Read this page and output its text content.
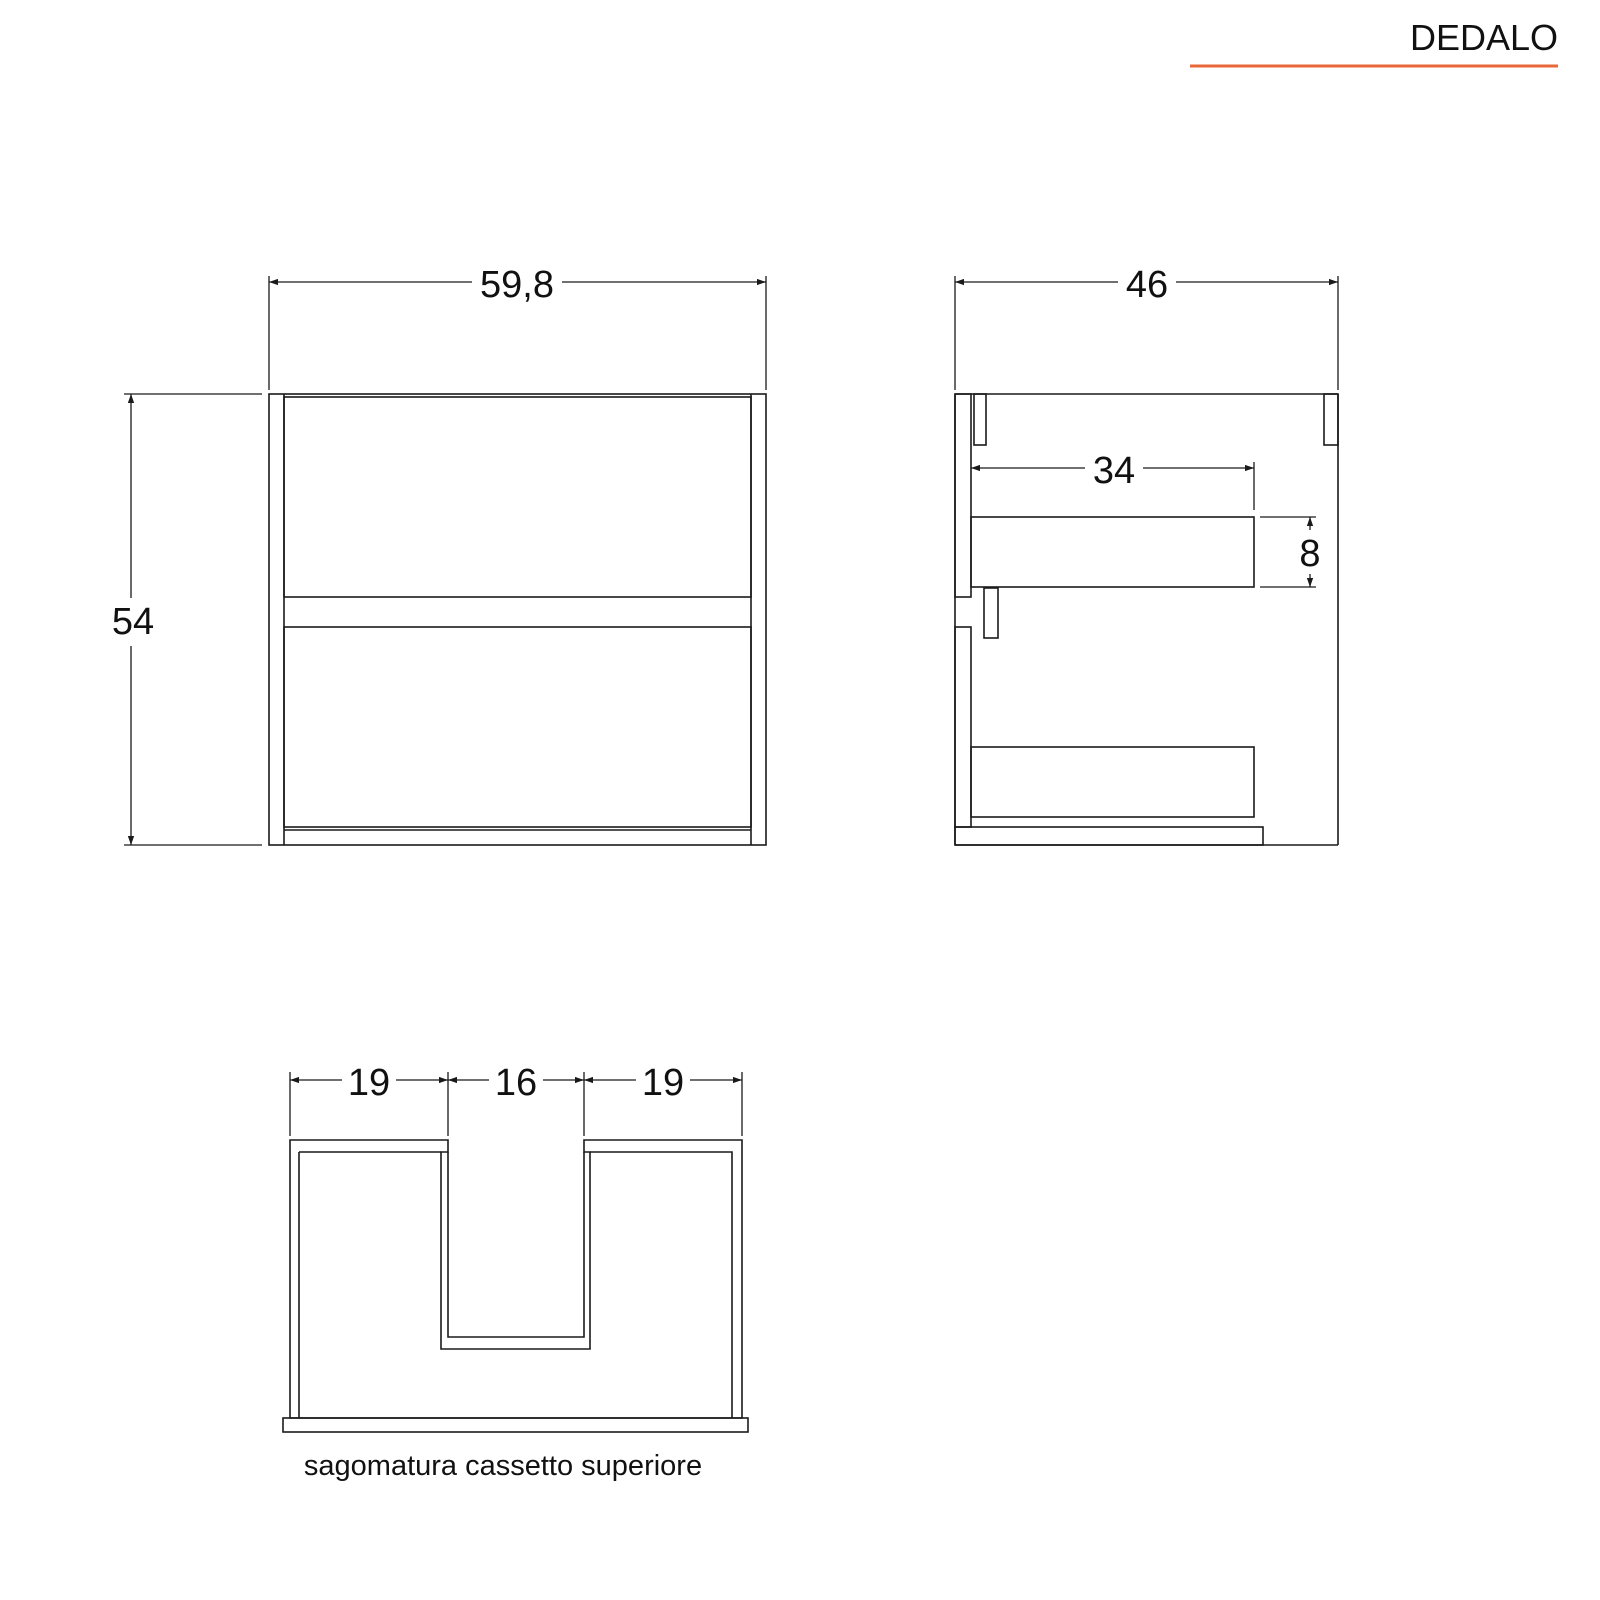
DEDALO
59,8
54
46
34
8
19	16	19
sagomatura cassetto superiore
